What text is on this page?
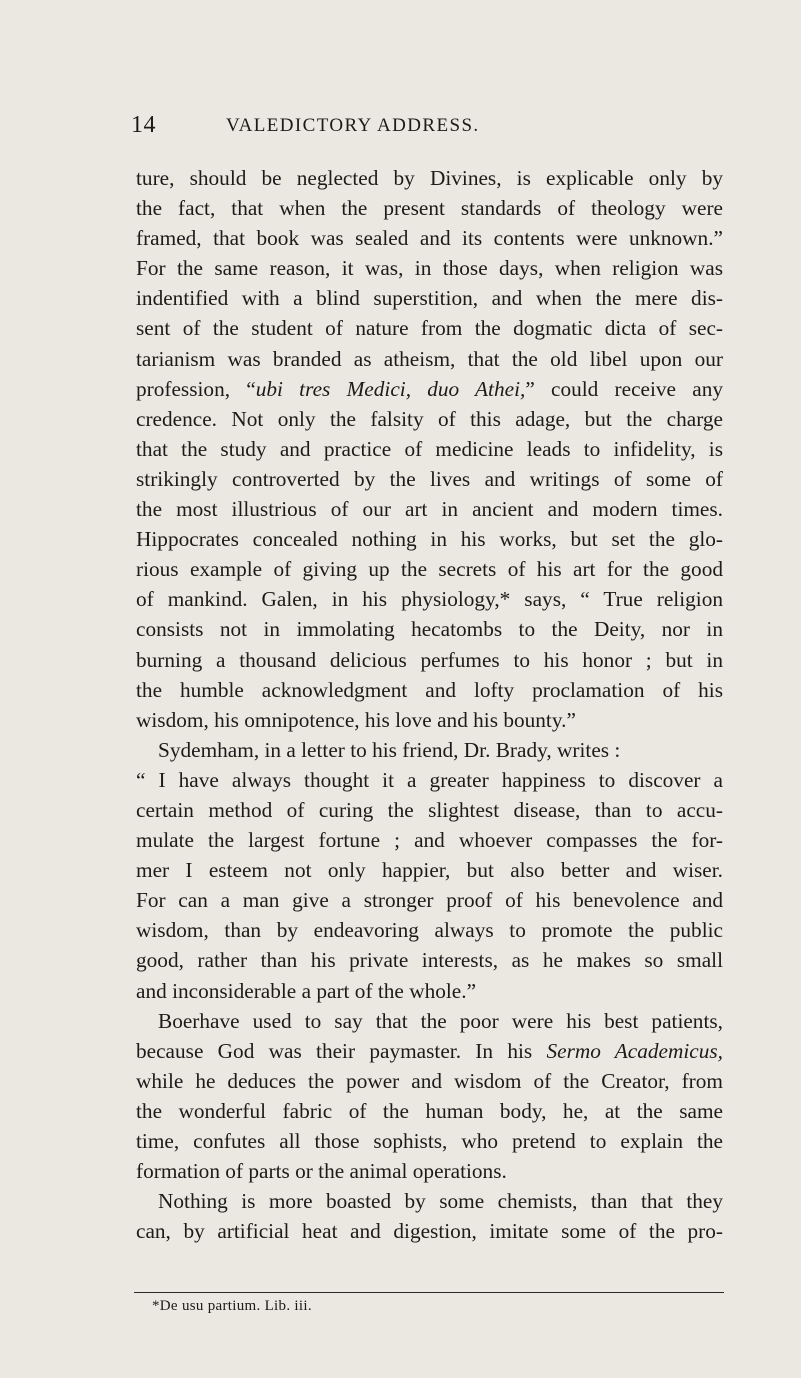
14	VALEDICTORY ADDRESS.

ture, should be neglected by Divines, is explicable only by

the fact, that when the present standards of theology were

framed, that book was sealed and its contents were unknown.”

For the same reason, it was, in those days, when religion was

indentified with a blind superstition, and when the mere dis-

sent of the student of nature from the dogmatic dicta of sec-

tarianism was branded as atheism, that the old libel upon our

profession, “ubi tres Medici, duo Athei,” could receive any

credence. Not only the falsity of this adage, but the charge

that the study and practice of medicine leads to infidelity, is

strikingly controverted by the lives and writings of some of

the most illustrious of our art in ancient and modern times.

Hippocrates concealed nothing in his works, but set the glo-

rious example of giving up the secrets of his art for the good

of mankind. Galen, in his physiology,* says, “ True religion

consists not in immolating hecatombs to the Deity, nor in

burning a thousand delicious perfumes to his honor ; but in

the humble acknowledgment and lofty proclamation of his

wisdom, his omnipotence, his love and his bounty.”

Sydemham, in a letter to his friend, Dr. Brady, writes :

“ I have always thought it a greater happiness to discover a

certain method of curing the slightest disease, than to accu-

mulate the largest fortune ; and whoever compasses the for-

mer I esteem not only happier, but also better and wiser.

For can a man give a stronger proof of his benevolence and

wisdom, than by endeavoring always to promote the public

good, rather than his private interests, as he makes so small

and inconsiderable a part of the whole.”

Boerhave used to say that the poor were his best patients,

because God was their paymaster. In his Sermo Academicus,

while he deduces the power and wisdom of the Creator, from

the wonderful fabric of the human body, he, at the same

time, confutes all those sophists, who pretend to explain the

formation of parts or the animal operations.

Nothing is more boasted by some chemists, than that they

can, by artificial heat and digestion, imitate some of the pro-

*De usu partium. Lib. iii.
